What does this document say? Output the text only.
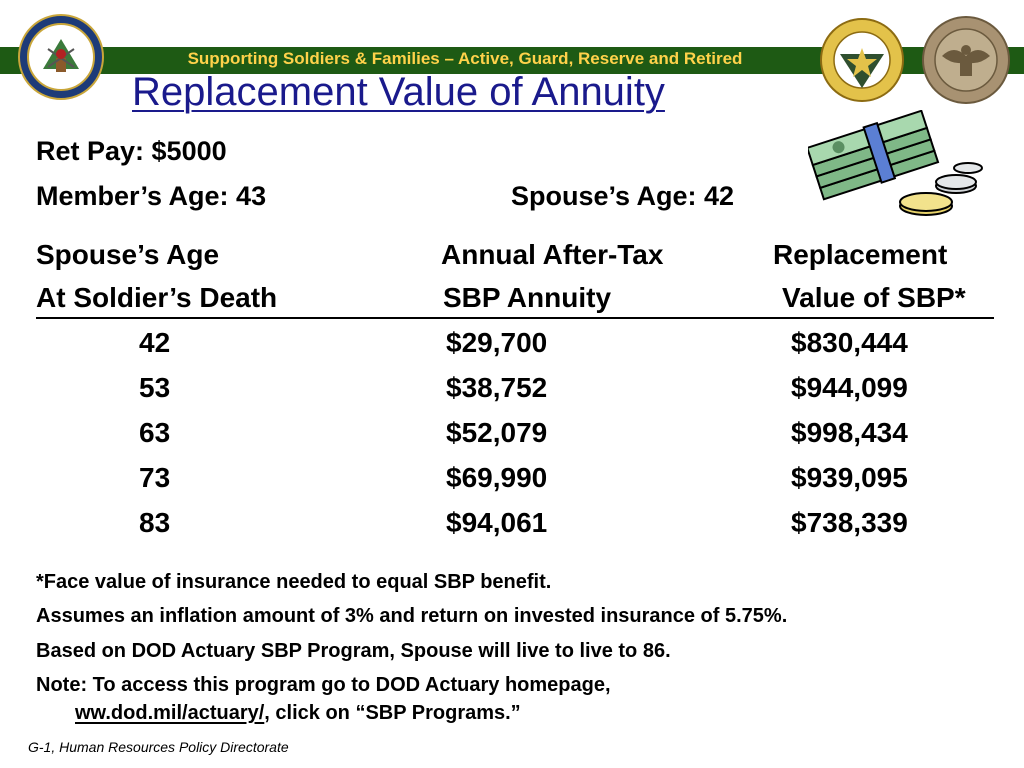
Supporting Soldiers & Families – Active, Guard, Reserve and Retired
Replacement Value of Annuity
Ret Pay: $5000
Member’s Age: 43	Spouse’s Age: 42
Spouse’s Age	Annual After-Tax	Replacement
At Soldier’s Death	SBP Annuity	Value of SBP*
42	$29,700	$830,444
53	$38,752	$944,099
63	$52,079	$998,434
73	$69,990	$939,095
83	$94,061	$738,339
*Face value of insurance needed to equal SBP benefit.
Assumes an inflation amount of 3% and return on invested insurance of 5.75%.
Based on DOD Actuary SBP Program, Spouse will live to live to 86.
Note: To access this program go to DOD Actuary homepage,
ww.dod.mil/actuary/, click on “SBP Programs.”
G-1, Human Resources Policy Directorate
